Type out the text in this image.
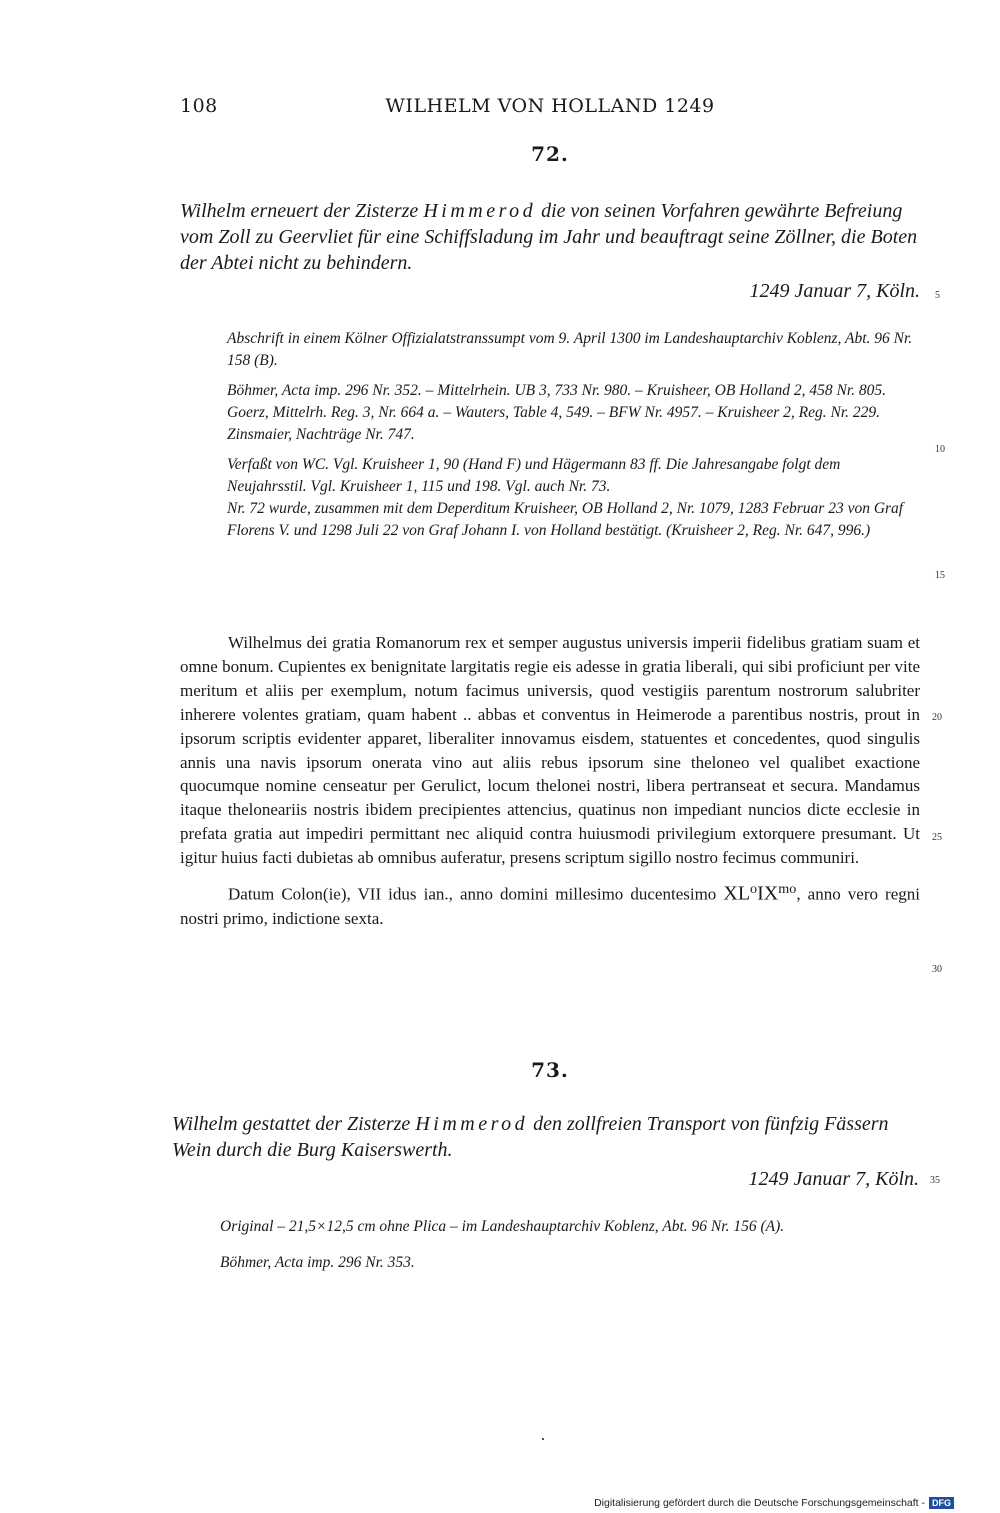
108	WILHELM VON HOLLAND 1249
72.
Wilhelm erneuert der Zisterze Himmerod die von seinen Vorfahren gewährte Befreiung vom Zoll zu Geervliet für eine Schiffsladung im Jahr und beauftragt seine Zöllner, die Boten der Abtei nicht zu behindern.
1249 Januar 7, Köln.

Abschrift in einem Kölner Offizialatstranssumpt vom 9. April 1300 im Landeshauptarchiv Koblenz, Abt. 96 Nr. 158 (B).

Böhmer, Acta imp. 296 Nr. 352. – Mittelrhein. UB 3, 733 Nr. 980. – Kruisheer, OB Holland 2, 458 Nr. 805.

Goerz, Mittelrh. Reg. 3, Nr. 664 a. – Wauters, Table 4, 549. – BFW Nr. 4957. – Kruisheer 2, Reg. Nr. 229. Zinsmaier, Nachträge Nr. 747.

Verfaßt von WC. Vgl. Kruisheer 1, 90 (Hand F) und Hägermann 83 ff. Die Jahresangabe folgt dem Neujahrsstil. Vgl. Kruisheer 1, 115 und 198. Vgl. auch Nr. 73.

Nr. 72 wurde, zusammen mit dem Deperditum Kruisheer, OB Holland 2, Nr. 1079, 1283 Februar 23 von Graf Florens V. und 1298 Juli 22 von Graf Johann I. von Holland bestätigt. (Kruisheer 2, Reg. Nr. 647, 996.)

Wilhelmus dei gratia Romanorum rex et semper augustus universis imperii fidelibus gratiam suam et omne bonum. Cupientes ex benignitate largitatis regie eis adesse in gratia liberali, qui sibi proficiunt per vite meritum et aliis per exemplum, notum facimus universis, quod vestigiis parentum nostrorum salubriter inherere volentes gratiam, quam habent .. abbas et conventus in Heimerode a parentibus nostris, prout in ipsorum scriptis evidenter apparet, liberaliter innovamus eisdem, statuentes et concedentes, quod singulis annis una navis ipsorum onerata vino aut aliis rebus ipsorum sine theloneo vel qualibet exactione quocumque nomine censeatur per Gerulict, locum thelonei nostri, libera pertranseat et secura. Mandamus itaque theloneariis nostris ibidem precipientes attencius, quatinus non impediant nuncios dicte ecclesie in prefata gratia aut impediri permittant nec aliquid contra huiusmodi privilegium extorquere presumant. Ut igitur huius facti dubietas ab omnibus auferatur, presens scriptum sigillo nostro fecimus communiri.

Datum Colon(ie), VII idus ian., anno domini millesimo ducentesimo $XL^oIX^{mo}$, anno vero regni nostri primo, indictione sexta.

73.
Wilhelm gestattet der Zisterze Himmerod den zollfreien Transport von fünfzig Fässern Wein durch die Burg Kaiserswerth.
1249 Januar 7, Köln.

Original – 21,5×12,5 cm ohne Plica – im Landeshauptarchiv Koblenz, Abt. 96 Nr. 156 (A).

Böhmer, Acta imp. 296 Nr. 353.

5
10
15
20
25
30
35
Digitalisierung gefördert durch die Deutsche Forschungsgemeinschaft - DFG
